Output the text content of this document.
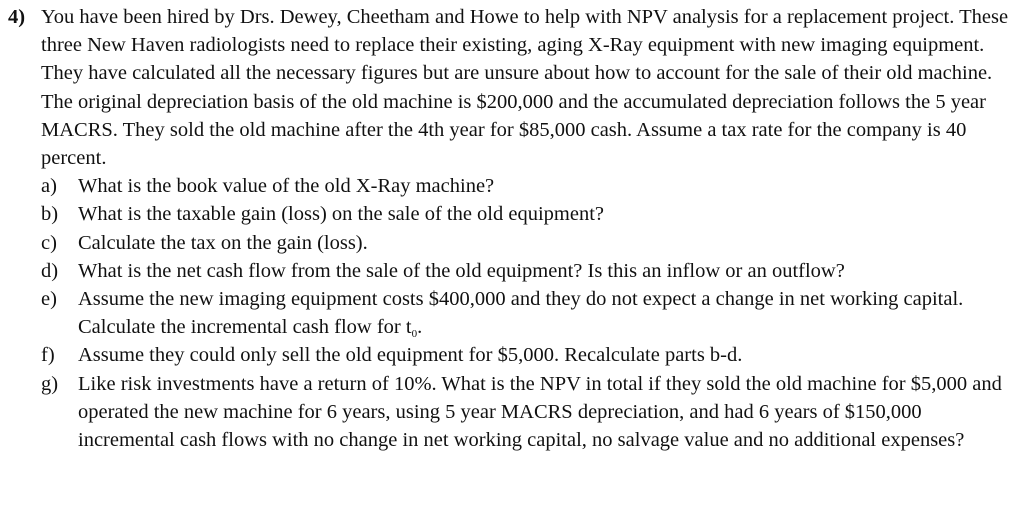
4) You have been hired by Drs. Dewey, Cheetham and Howe to help with NPV analysis for a replacement project. These three New Haven radiologists need to replace their existing, aging X-Ray equipment with new imaging equipment. They have calculated all the necessary figures but are unsure about how to account for the sale of their old machine. The original depreciation basis of the old machine is $200,000 and the accumulated depreciation follows the 5 year MACRS. They sold the old machine after the 4th year for $85,000 cash. Assume a tax rate for the company is 40 percent.

a)	What is the book value of the old X-Ray machine?
b) What is the taxable gain (loss) on the sale of the old equipment?
c)	Calculate the tax on the gain (loss).
d) What is the net cash flow from the sale of the old equipment? Is this an inflow or an outflow?
e)	Assume the new imaging equipment costs $400,000 and they do not expect a change in net working capital. Calculate the incremental cash flow for $t_0$.
f)	Assume they could only sell the old equipment for $5,000. Recalculate parts b-d.
g) Like risk investments have a return of 10%. What is the NPV in total if they sold the old machine for $5,000 and operated the new machine for 6 years, using 5 year MACRS depreciation, and had 6 years of $150,000 incremental cash flows with no change in net working capital, no salvage value and no additional expenses?
